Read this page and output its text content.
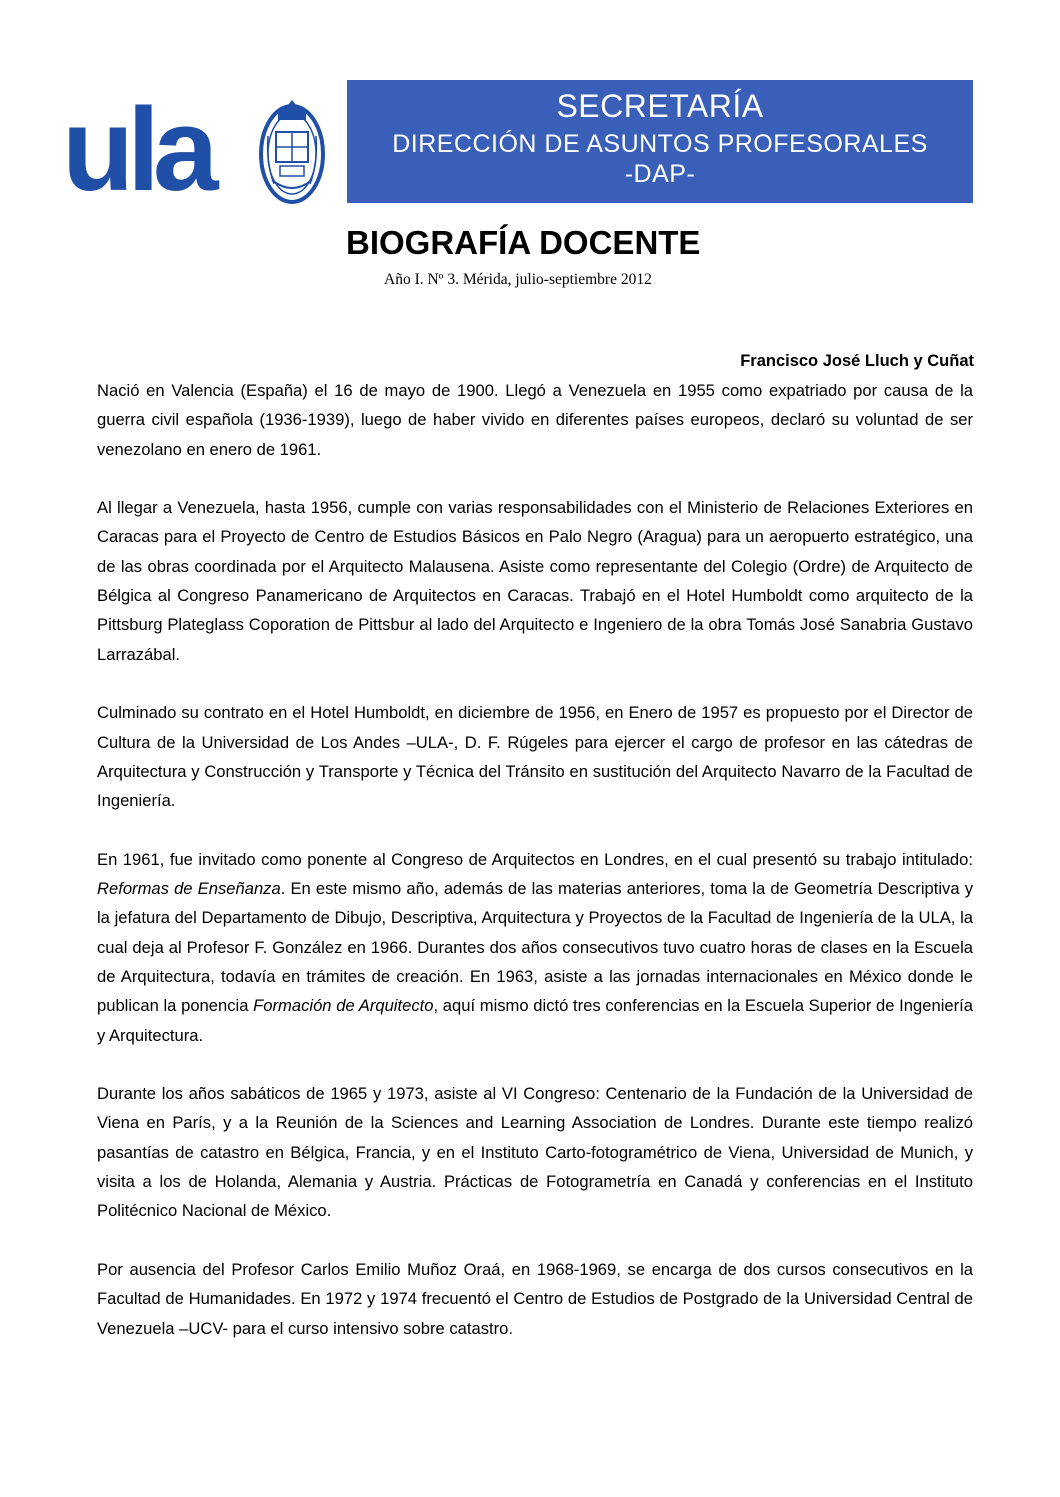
ula	SECRETARÍA
DIRECCIÓN DE ASUNTOS PROFESORALES
-DAP-
BIOGRAFÍA DOCENTE
Año I. Nº 3. Mérida, julio-septiembre 2012
Francisco José Lluch y Cuñat

Nació en Valencia (España) el 16 de mayo de 1900. Llegó a Venezuela en 1955 como expatriado por causa de la guerra civil española (1936-1939), luego de haber vivido en diferentes países europeos, declaró su voluntad de ser venezolano en enero de 1961.

Al llegar a Venezuela, hasta 1956, cumple con varias responsabilidades con el Ministerio de Relaciones Exteriores en Caracas para el Proyecto de Centro de Estudios Básicos en Palo Negro (Aragua) para un aeropuerto estratégico, una de las obras coordinada por el Arquitecto Malausena. Asiste como representante del Colegio (Ordre) de Arquitecto de Bélgica al Congreso Panamericano de Arquitectos en Caracas. Trabajó en el Hotel Humboldt como arquitecto de la Pittsburg Plateglass Coporation de Pittsbur al lado del Arquitecto e Ingeniero de la obra Tomás José Sanabria Gustavo Larrazábal.

Culminado su contrato en el Hotel Humboldt, en diciembre de 1956, en Enero de 1957 es propuesto por el Director de Cultura de la Universidad de Los Andes –ULA-, D. F. Rúgeles para ejercer el cargo de profesor en las cátedras de Arquitectura y Construcción y Transporte y Técnica del Tránsito en sustitución del Arquitecto Navarro de la Facultad de Ingeniería.

En 1961, fue invitado como ponente al Congreso de Arquitectos en Londres, en el cual presentó su trabajo intitulado: Reformas de Enseñanza. En este mismo año, además de las materias anteriores, toma la de Geometría Descriptiva y la jefatura del Departamento de Dibujo, Descriptiva, Arquitectura y Proyectos de la Facultad de Ingeniería de la ULA, la cual deja al Profesor F. González en 1966. Durantes dos años consecutivos tuvo cuatro horas de clases en la Escuela de Arquitectura, todavía en trámites de creación. En 1963, asiste a las jornadas internacionales en México donde le publican la ponencia Formación de Arquitecto, aquí mismo dictó tres conferencias en la Escuela Superior de Ingeniería y Arquitectura.

Durante los años sabáticos de 1965 y 1973, asiste al VI Congreso: Centenario de la Fundación de la Universidad de Viena en París, y a la Reunión de la Sciences and Learning Association de Londres. Durante este tiempo realizó pasantías de catastro en Bélgica, Francia, y en el Instituto Carto-fotogramétrico de Viena, Universidad de Munich, y visita a los de Holanda, Alemania y Austria. Prácticas de Fotogrametría en Canadá y conferencias en el Instituto Politécnico Nacional de México.

Por ausencia del Profesor Carlos Emilio Muñoz Oraá, en 1968-1969, se encarga de dos cursos consecutivos en la Facultad de Humanidades. En 1972 y 1974 frecuentó el Centro de Estudios de Postgrado de la Universidad Central de Venezuela –UCV- para el curso intensivo sobre catastro.
